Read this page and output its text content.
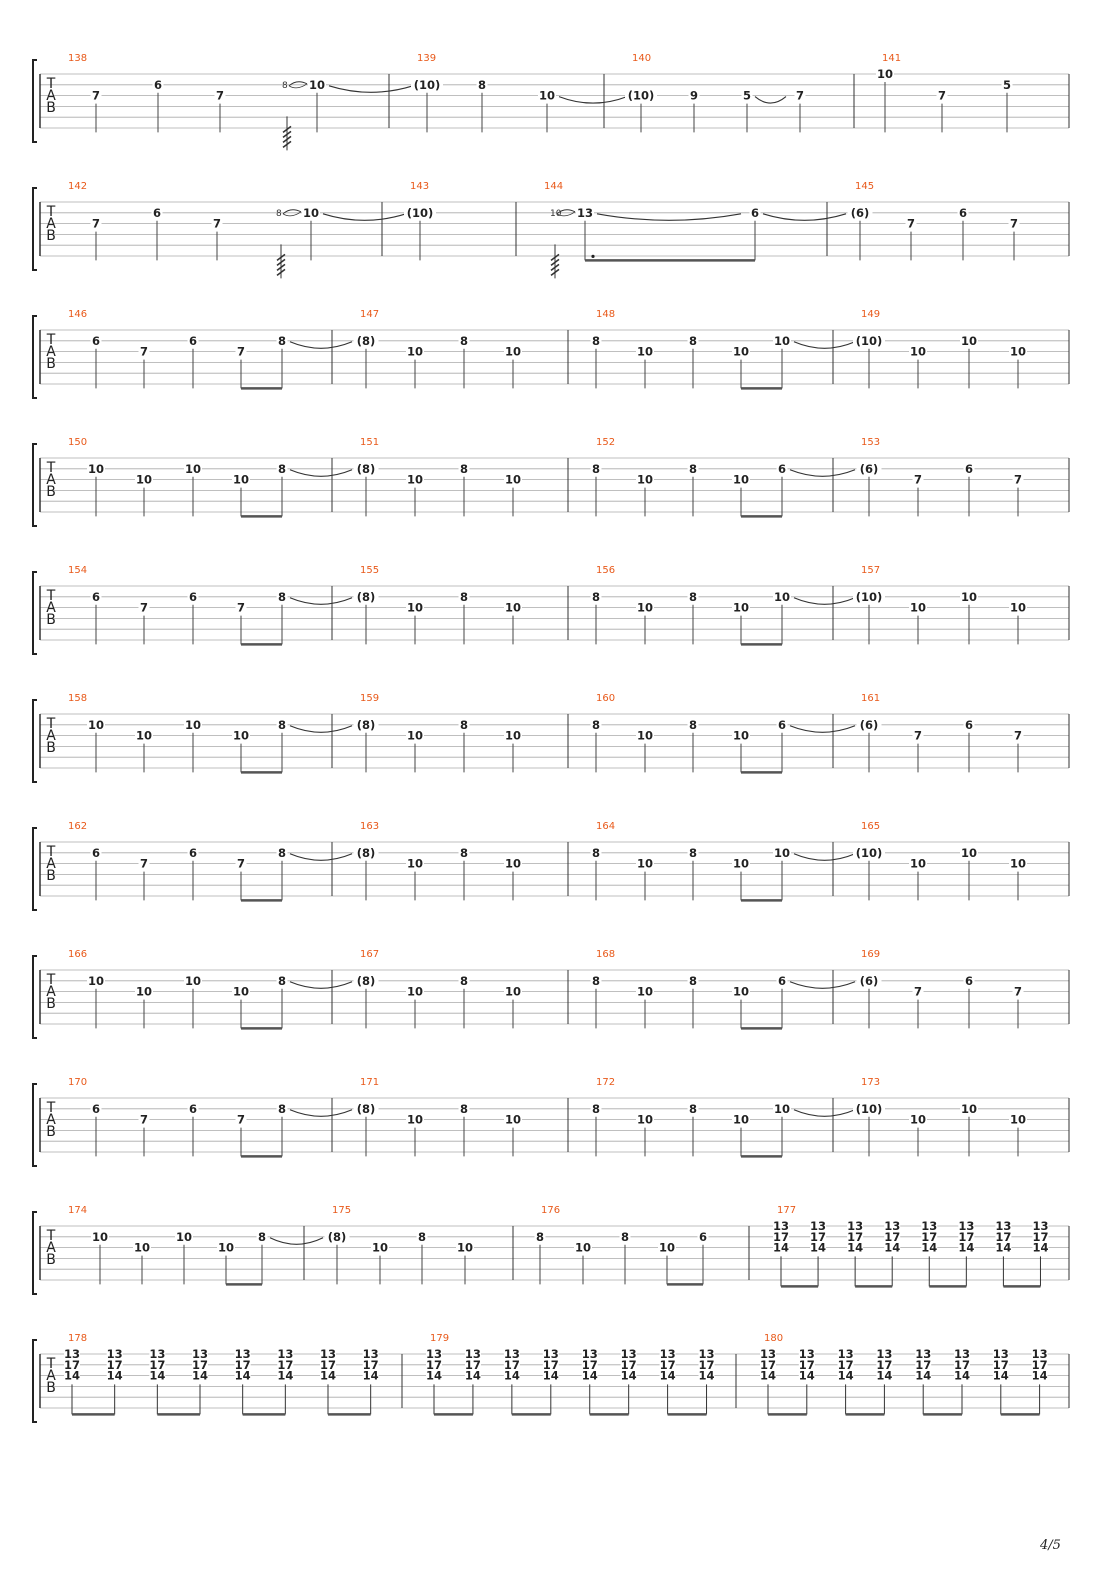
T
A
B
138
7
6
7
10
8
139
(10)	8
140
10	(10)	9	5	7
141
10
7
5
T
A
B
142
7
6
7
10
8
143
(10)
144
13
10	6
145
(6)
7
6
7
T
A
B
146
6
7
6
7
8
147
(8)
10
8
10
148
8
10
8
10
10
149
(10)
10
10
10
T
A
B
150
10
10
10
10
8
151
(8)
10
8
10
152
8
10
8
10
6
153
(6)
7
6
7
T
A
B
154
6
7
6
7
8
155
(8)
10
8
10
156
8
10
8
10
10
157
(10)
10
10
10
T
A
B
158
10
10
10
10
8
159
(8)
10
8
10
160
8
10
8
10
6
161
(6)
7
6
7
T
A
B
162
6
7
6
7
8
163
(8)
10
8
10
164
8
10
8
10
10
165
(10)
10
10
10
T
A
B
166
10
10
10
10
8
167
(8)
10
8
10
168
8
10
8
10
6
169
(6)
7
6
7
T
A
B
170
6
7
6
7
8
171
(8)
10
8
10
172
8
10
8
10
10
173
(10)
10
10
10
T
A
B
174
10
10
10
10
8
175
(8)
10
8
10
176
8
10
8
10
6
177
13
17
14
13
17
14
13
17
14
13
17
14
13
17
14
13
17
14
13
17
14
13
17
14
T
A
B
178
13
17
14
13
17
14
13
17
14
13
17
14
13
17
14
13
17
14
13
17
14
13
17
14
179
13
17
14
13
17
14
13
17
14
13
17
14
13
17
14
13
17
14
13
17
14
13
17
14
180
13
17
14
13
17
14
13
17
14
13
17
14
13
17
14
13
17
14
13
17
14
13
17
14
4/5
